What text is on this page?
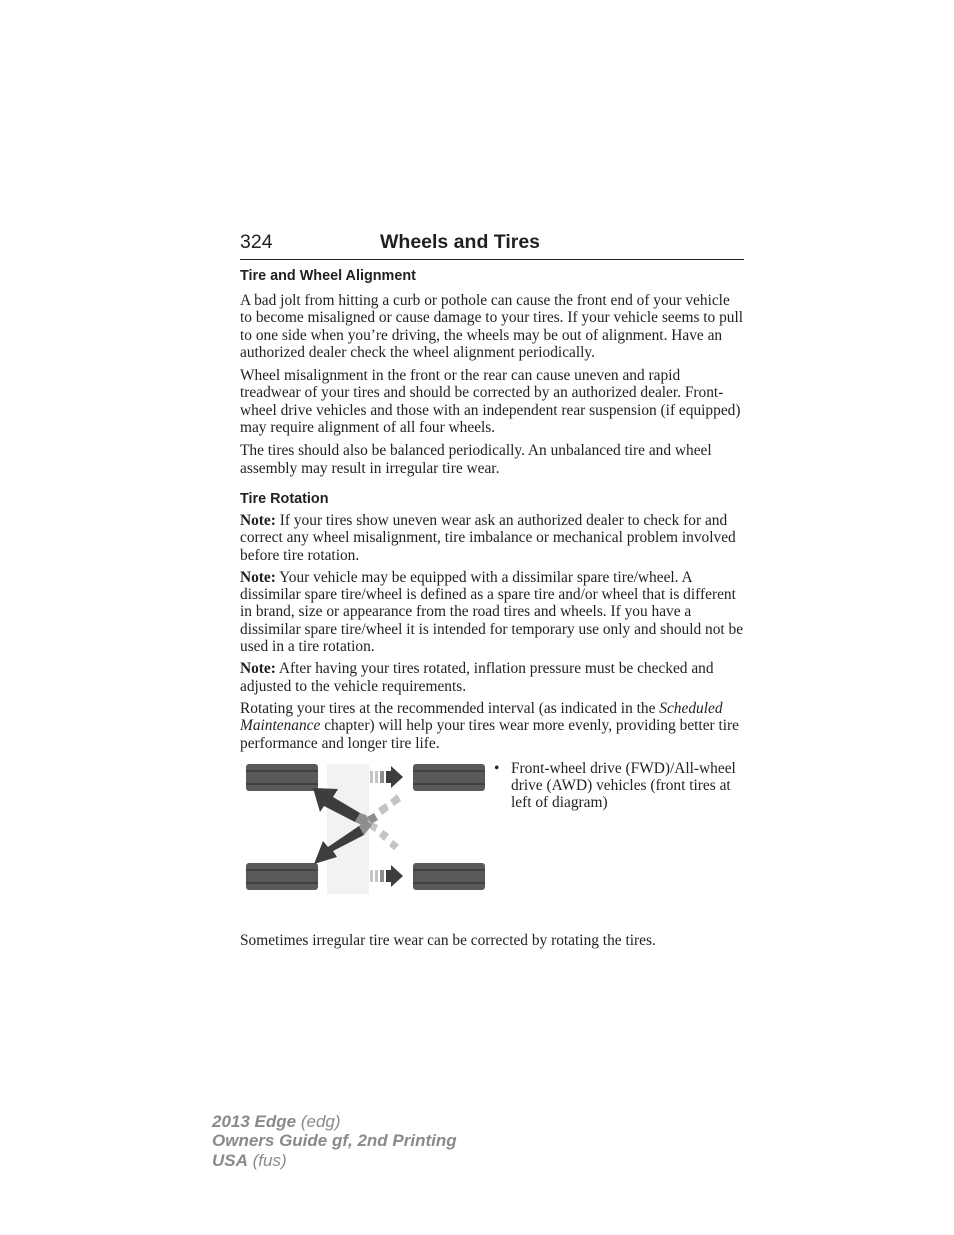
324	Wheels and Tires
Tire and Wheel Alignment

A bad jolt from hitting a curb or pothole can cause the front end of your vehicle to become misaligned or cause damage to your tires. If your vehicle seems to pull to one side when you’re driving, the wheels may be out of alignment. Have an authorized dealer check the wheel alignment periodically.

Wheel misalignment in the front or the rear can cause uneven and rapid treadwear of your tires and should be corrected by an authorized dealer. Front-wheel drive vehicles and those with an independent rear suspension (if equipped) may require alignment of all four wheels.

The tires should also be balanced periodically. An unbalanced tire and wheel assembly may result in irregular tire wear.

Tire Rotation

Note: If your tires show uneven wear ask an authorized dealer to check for and correct any wheel misalignment, tire imbalance or mechanical problem involved before tire rotation.

Note: Your vehicle may be equipped with a dissimilar spare tire/wheel. A dissimilar spare tire/wheel is defined as a spare tire and/or wheel that is different in brand, size or appearance from the road tires and wheels. If you have a dissimilar spare tire/wheel it is intended for temporary use only and should not be used in a tire rotation.

Note: After having your tires rotated, inflation pressure must be checked and adjusted to the vehicle requirements.

Rotating your tires at the recommended interval (as indicated in the Scheduled Maintenance chapter) will help your tires wear more evenly, providing better tire performance and longer tire life.

• Front-wheel drive (FWD)/All-wheel drive (AWD) vehicles (front tires at left of diagram)

Sometimes irregular tire wear can be corrected by rotating the tires.

2013 Edge (edg)
Owners Guide gf, 2nd Printing
USA (fus)
